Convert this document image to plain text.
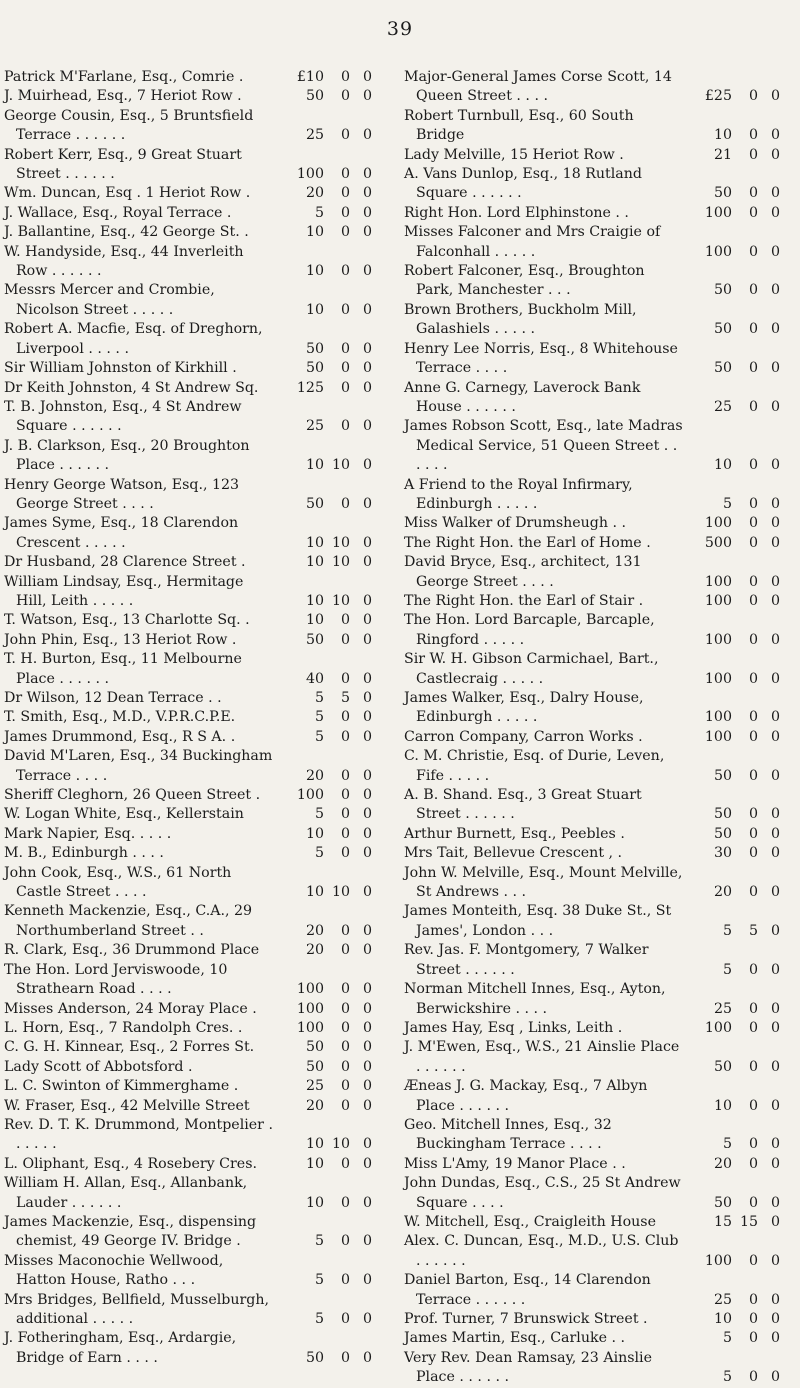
39
Patrick M'Farlane, Esq., Comrie .	£10	0 0
J. Muirhead, Esq., 7 Heriot Row .	50	0 0
George Cousin, Esq., 5 Bruntsfield Terrace . . . . . .	25	0 0
Robert Kerr, Esq., 9 Great Stuart Street . . . . . .	100	0 0
Wm. Duncan, Esq . 1 Heriot Row .	20	0 0
J. Wallace, Esq., Royal Terrace .	5	0 0
J. Ballantine, Esq., 42 George St. .	10	0 0
W. Handyside, Esq., 44 Inverleith Row . . . . . .	10	0 0
Messrs Mercer and Crombie, Nicolson Street . . . . .	10	0 0
Robert A. Macfie, Esq. of Dreghorn, Liverpool . . . . .	50	0 0
Sir William Johnston of Kirkhill .	50	0 0
Dr Keith Johnston, 4 St Andrew Sq.	125	0 0
T. B. Johnston, Esq., 4 St Andrew Square . . . . . .	25	0 0
J. B. Clarkson, Esq., 20 Broughton Place . . . . . .	10 10 0
Henry George Watson, Esq., 123 George Street . . . .	50	0 0
James Syme, Esq., 18 Clarendon Crescent . . . . .	10 10 0
Dr Husband, 28 Clarence Street .	10 10 0
William Lindsay, Esq., Hermitage Hill, Leith . . . . .	10 10 0
T. Watson, Esq., 13 Charlotte Sq. .	10	0 0
John Phin, Esq., 13 Heriot Row .	50	0 0
T. H. Burton, Esq., 11 Melbourne Place . . . . . .	40	0 0
Dr Wilson, 12 Dean Terrace . .	5	5 0
T. Smith, Esq., M.D., V.P.R.C.P.E.	5	0 0
James Drummond, Esq., R S A. .	5	0 0
David M'Laren, Esq., 34 Buckingham Terrace . . . .	20	0 0
Sheriff Cleghorn, 26 Queen Street .	100	0 0
W. Logan White, Esq., Kellerstain	5	0 0
Mark Napier, Esq. . . . .	10	0 0
M. B., Edinburgh . . . .	5	0 0
John Cook, Esq., W.S., 61 North Castle Street . . . .	10 10 0
Kenneth Mackenzie, Esq., C.A., 29 Northumberland Street . .	20	0 0
R. Clark, Esq., 36 Drummond Place	20	0 0
The Hon. Lord Jerviswoode, 10 Strathearn Road . . . .	100	0 0
Misses Anderson, 24 Moray Place .	100	0 0
L. Horn, Esq., 7 Randolph Cres. .	100	0 0
C. G. H. Kinnear, Esq., 2 Forres St.	50	0 0
Lady Scott of Abbotsford .	50	0 0
L. C. Swinton of Kimmerghame .	25	0 0
W. Fraser, Esq., 42 Melville Street	20	0 0
Rev. D. T. K. Drummond, Montpelier . . . . . .	10 10 0
L. Oliphant, Esq., 4 Rosebery Cres.	10	0 0
William H. Allan, Esq., Allanbank, Lauder . . . . . .	10	0 0
James Mackenzie, Esq., dispensing chemist, 49 George IV. Bridge .	5	0 0
Misses Maconochie Wellwood, Hatton House, Ratho . . .	5	0 0
Mrs Bridges, Bellfield, Musselburgh, additional . . . . .	5	0 0
J. Fotheringham, Esq., Ardargie, Bridge of Earn . . . .	50	0 0
Major-General James Corse Scott, 14 Queen Street . . . .	£25	0 0
Robert Turnbull, Esq., 60 South Bridge	10	0 0
Lady Melville, 15 Heriot Row .	21	0 0
A. Vans Dunlop, Esq., 18 Rutland Square . . . . . .	50	0 0
Right Hon. Lord Elphinstone . .	100	0 0
Misses Falconer and Mrs Craigie of Falconhall . . . . .	100	0 0
Robert Falconer, Esq., Broughton Park, Manchester . . .	50	0 0
Brown Brothers, Buckholm Mill, Galashiels . . . . .	50	0 0
Henry Lee Norris, Esq., 8 Whitehouse Terrace . . . .	50	0 0
Anne G. Carnegy, Laverock Bank House . . . . . .	25	0 0
James Robson Scott, Esq., late Madras Medical Service, 51 Queen Street . . . . . .	10	0 0
A Friend to the Royal Infirmary, Edinburgh . . . . .	5	0 0
Miss Walker of Drumsheugh . .	100	0 0
The Right Hon. the Earl of Home .	500	0 0
David Bryce, Esq., architect, 131 George Street . . . .	100	0 0
The Right Hon. the Earl of Stair .	100	0 0
The Hon. Lord Barcaple, Barcaple, Ringford . . . . .	100	0 0
Sir W. H. Gibson Carmichael, Bart., Castlecraig . . . . .	100	0 0
James Walker, Esq., Dalry House, Edinburgh . . . . .	100	0 0
Carron Company, Carron Works .	100	0 0
C. M. Christie, Esq. of Durie, Leven, Fife . . . . .	50	0 0
A. B. Shand. Esq., 3 Great Stuart Street . . . . . .	50	0 0
Arthur Burnett, Esq., Peebles .	50	0 0
Mrs Tait, Bellevue Crescent , .	30	0 0
John W. Melville, Esq., Mount Melville, St Andrews . . .	20	0 0
James Monteith, Esq. 38 Duke St., St James', London . . .	5	5 0
Rev. Jas. F. Montgomery, 7 Walker Street . . . . . .	5	0 0
Norman Mitchell Innes, Esq., Ayton, Berwickshire . . . .	25	0 0
James Hay, Esq , Links, Leith .	100	0 0
J. M'Ewen, Esq., W.S., 21 Ainslie Place . . . . . .	50	0 0
Æneas J. G. Mackay, Esq., 7 Albyn Place . . . . . .	10	0 0
Geo. Mitchell Innes, Esq., 32 Buckingham Terrace . . . .	5	0 0
Miss L'Amy, 19 Manor Place . .	20	0 0
John Dundas, Esq., C.S., 25 St Andrew Square . . . .	50	0 0
W. Mitchell, Esq., Craigleith House	15 15 0
Alex. C. Duncan, Esq., M.D., U.S. Club . . . . . .	100	0 0
Daniel Barton, Esq., 14 Clarendon Terrace . . . . . .	25	0 0
Prof. Turner, 7 Brunswick Street .	10	0 0
James Martin, Esq., Carluke . .	5	0 0
Very Rev. Dean Ramsay, 23 Ainslie Place . . . . . .	5	0 0
